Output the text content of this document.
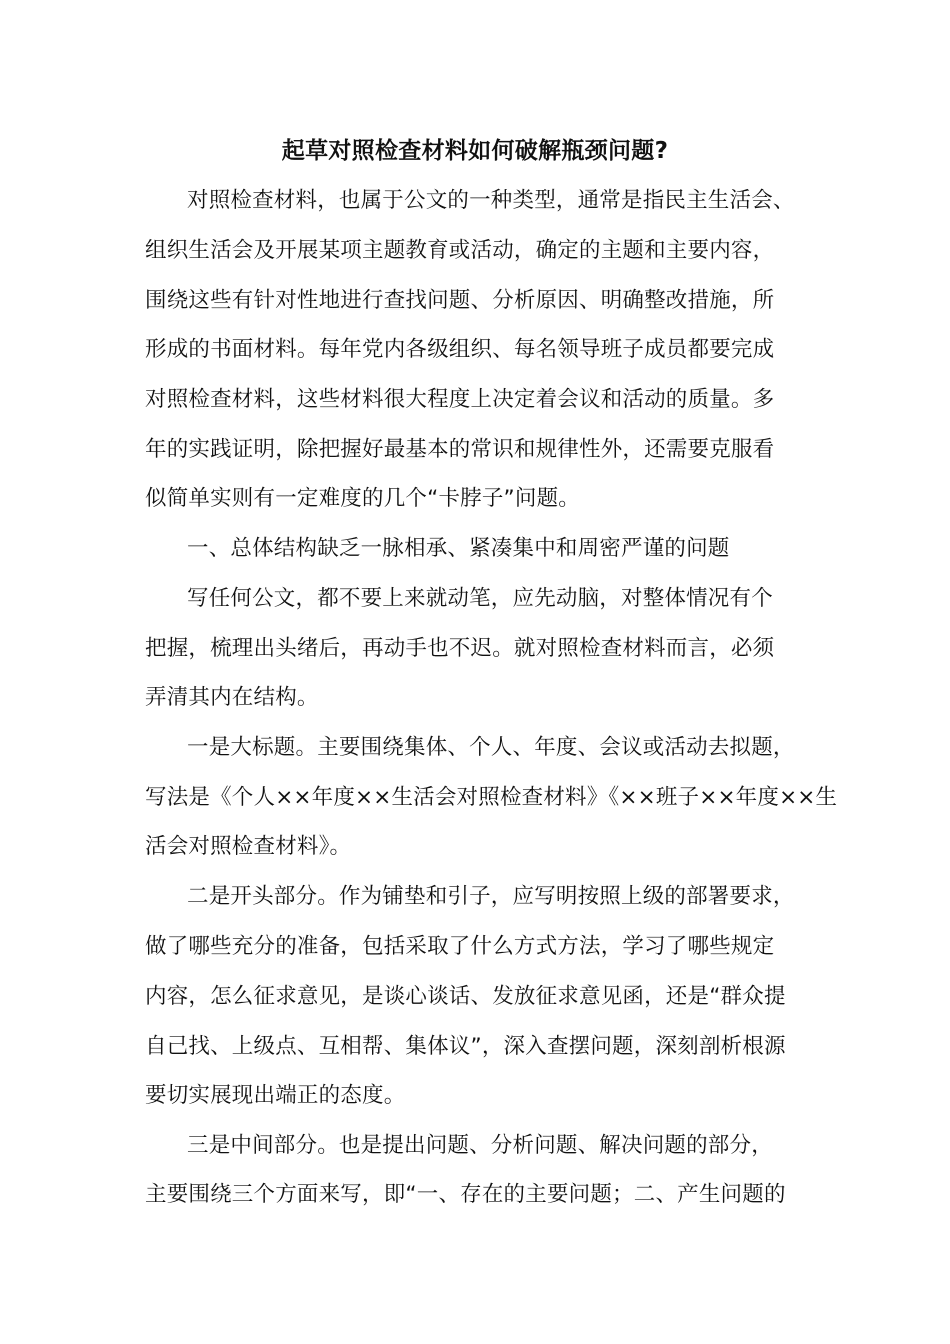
起草对照检查材料如何破解瓶颈问题?
对照检查材料，也属于公文的一种类型，通常是指民主生活会、
组织生活会及开展某项主题教育或活动，确定的主题和主要内容，
围绕这些有针对性地进行查找问题、分析原因、明确整改措施，所
形成的书面材料。每年党内各级组织、每名领导班子成员都要完成
对照检查材料，这些材料很大程度上决定着会议和活动的质量。多
年的实践证明，除把握好最基本的常识和规律性外，还需要克服看
似简单实则有一定难度的几个“卡脖子”问题。
一、总体结构缺乏一脉相承、紧凑集中和周密严谨的问题
写任何公文，都不要上来就动笔，应先动脑，对整体情况有个
把握，梳理出头绪后，再动手也不迟。就对照检查材料而言，必须
弄清其内在结构。
一是大标题。主要围绕集体、个人、年度、会议或活动去拟题，
写法是《个人××年度××生活会对照检查材料》《××班子××年度××生
活会对照检查材料》。
二是开头部分。作为铺垫和引子，应写明按照上级的部署要求，
做了哪些充分的准备，包括采取了什么方式方法，学习了哪些规定
内容，怎么征求意见，是谈心谈话、发放征求意见函，还是“群众提
自己找、上级点、互相帮、集体议”，深入查摆问题，深刻剖析根源
要切实展现出端正的态度。
三是中间部分。也是提出问题、分析问题、解决问题的部分，
主要围绕三个方面来写，即“一、存在的主要问题；二、产生问题的
